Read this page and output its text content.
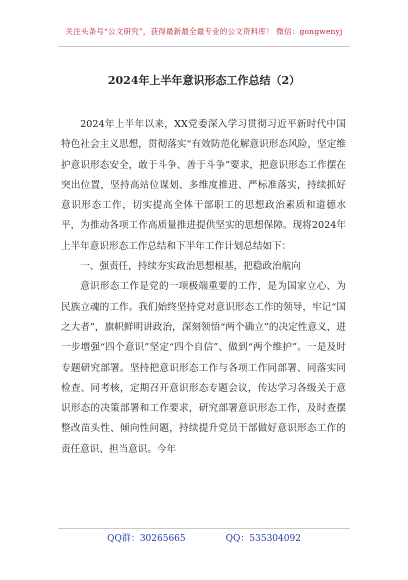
关注头条号“公文研究”，获得最新最全最专业的公文资料库！ 微信：gongwenyj
2024年上半年意识形态工作总结（2）

2024年上半年以来，XX党委深入学习贯彻习近平新时代中国特色社会主义思想，贯彻落实“有效防范化解意识形态风险，坚定维护意识形态安全，敢于斗争、善于斗争”要求，把意识形态工作摆在突出位置，坚持高站位谋划、多维度推进、严标准落实，持续抓好意识形态工作，切实提高全体干部职工的思想政治素质和道德水平，为推动各项工作高质量推进提供坚实的思想保障。现将2024年上半年意识形态工作总结和下半年工作计划总结如下：

一、强责任，持续夯实政治思想根基，把稳政治航向

意识形态工作是党的一项极端重要的工作，是为国家立心、为民族立魂的工作。我们始终坚持党对意识形态工作的领导，牢记“国之大者”，旗帜鲜明讲政治，深刻领悟“两个确立”的决定性意义，进一步增强“四个意识”坚定“四个自信”、做到“两个维护”。一是及时专题研究部署。坚持把意识形态工作与各项工作同部署、同落实同检查、同考核，定期召开意识形态专题会议，传达学习各级关于意识形态的决策部署和工作要求，研究部署意识形态工作，及时查摆整改苗头性、倾向性问题，持续提升党员干部做好意识形态工作的责任意识、担当意识。今年

QQ群：30265665	QQ：535304092
